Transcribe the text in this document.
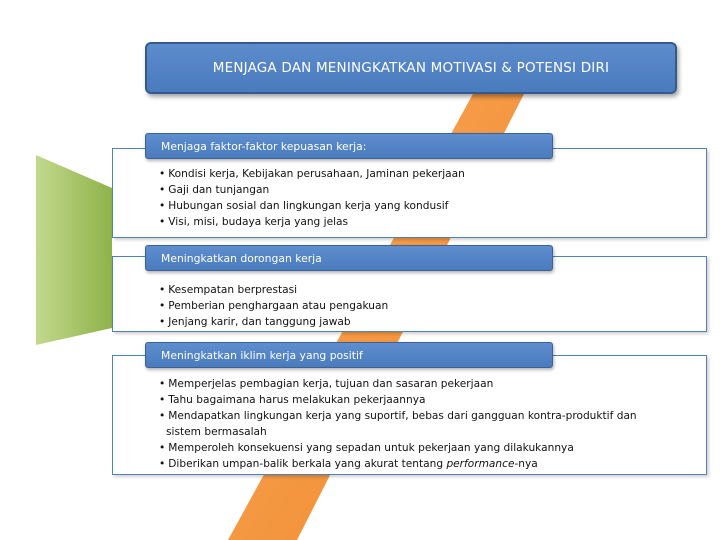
MENJAGA DAN MENINGKATKAN MOTIVASI & POTENSI DIRI
• Kondisi kerja, Kebijakan perusahaan, Jaminan pekerjaan
• Gaji dan tunjangan
• Hubungan sosial dan lingkungan kerja yang kondusif
• Visi, misi, budaya kerja yang jelas
Menjaga faktor-faktor kepuasan kerja:
• Kesempatan berprestasi
• Pemberian penghargaan atau pengakuan
• Jenjang karir, dan tanggung jawab
Meningkatkan dorongan kerja
• Memperjelas pembagian kerja, tujuan dan sasaran pekerjaan
• Tahu bagaimana harus melakukan pekerjaannya
• Mendapatkan lingkungan kerja yang suportif, bebas dari gangguan kontra-produktif dan sistem bermasalah
• Memperoleh konsekuensi yang sepadan untuk pekerjaan yang dilakukannya
• Diberikan umpan-balik berkala yang akurat tentang performance-nya
Meningkatkan iklim kerja yang positif
